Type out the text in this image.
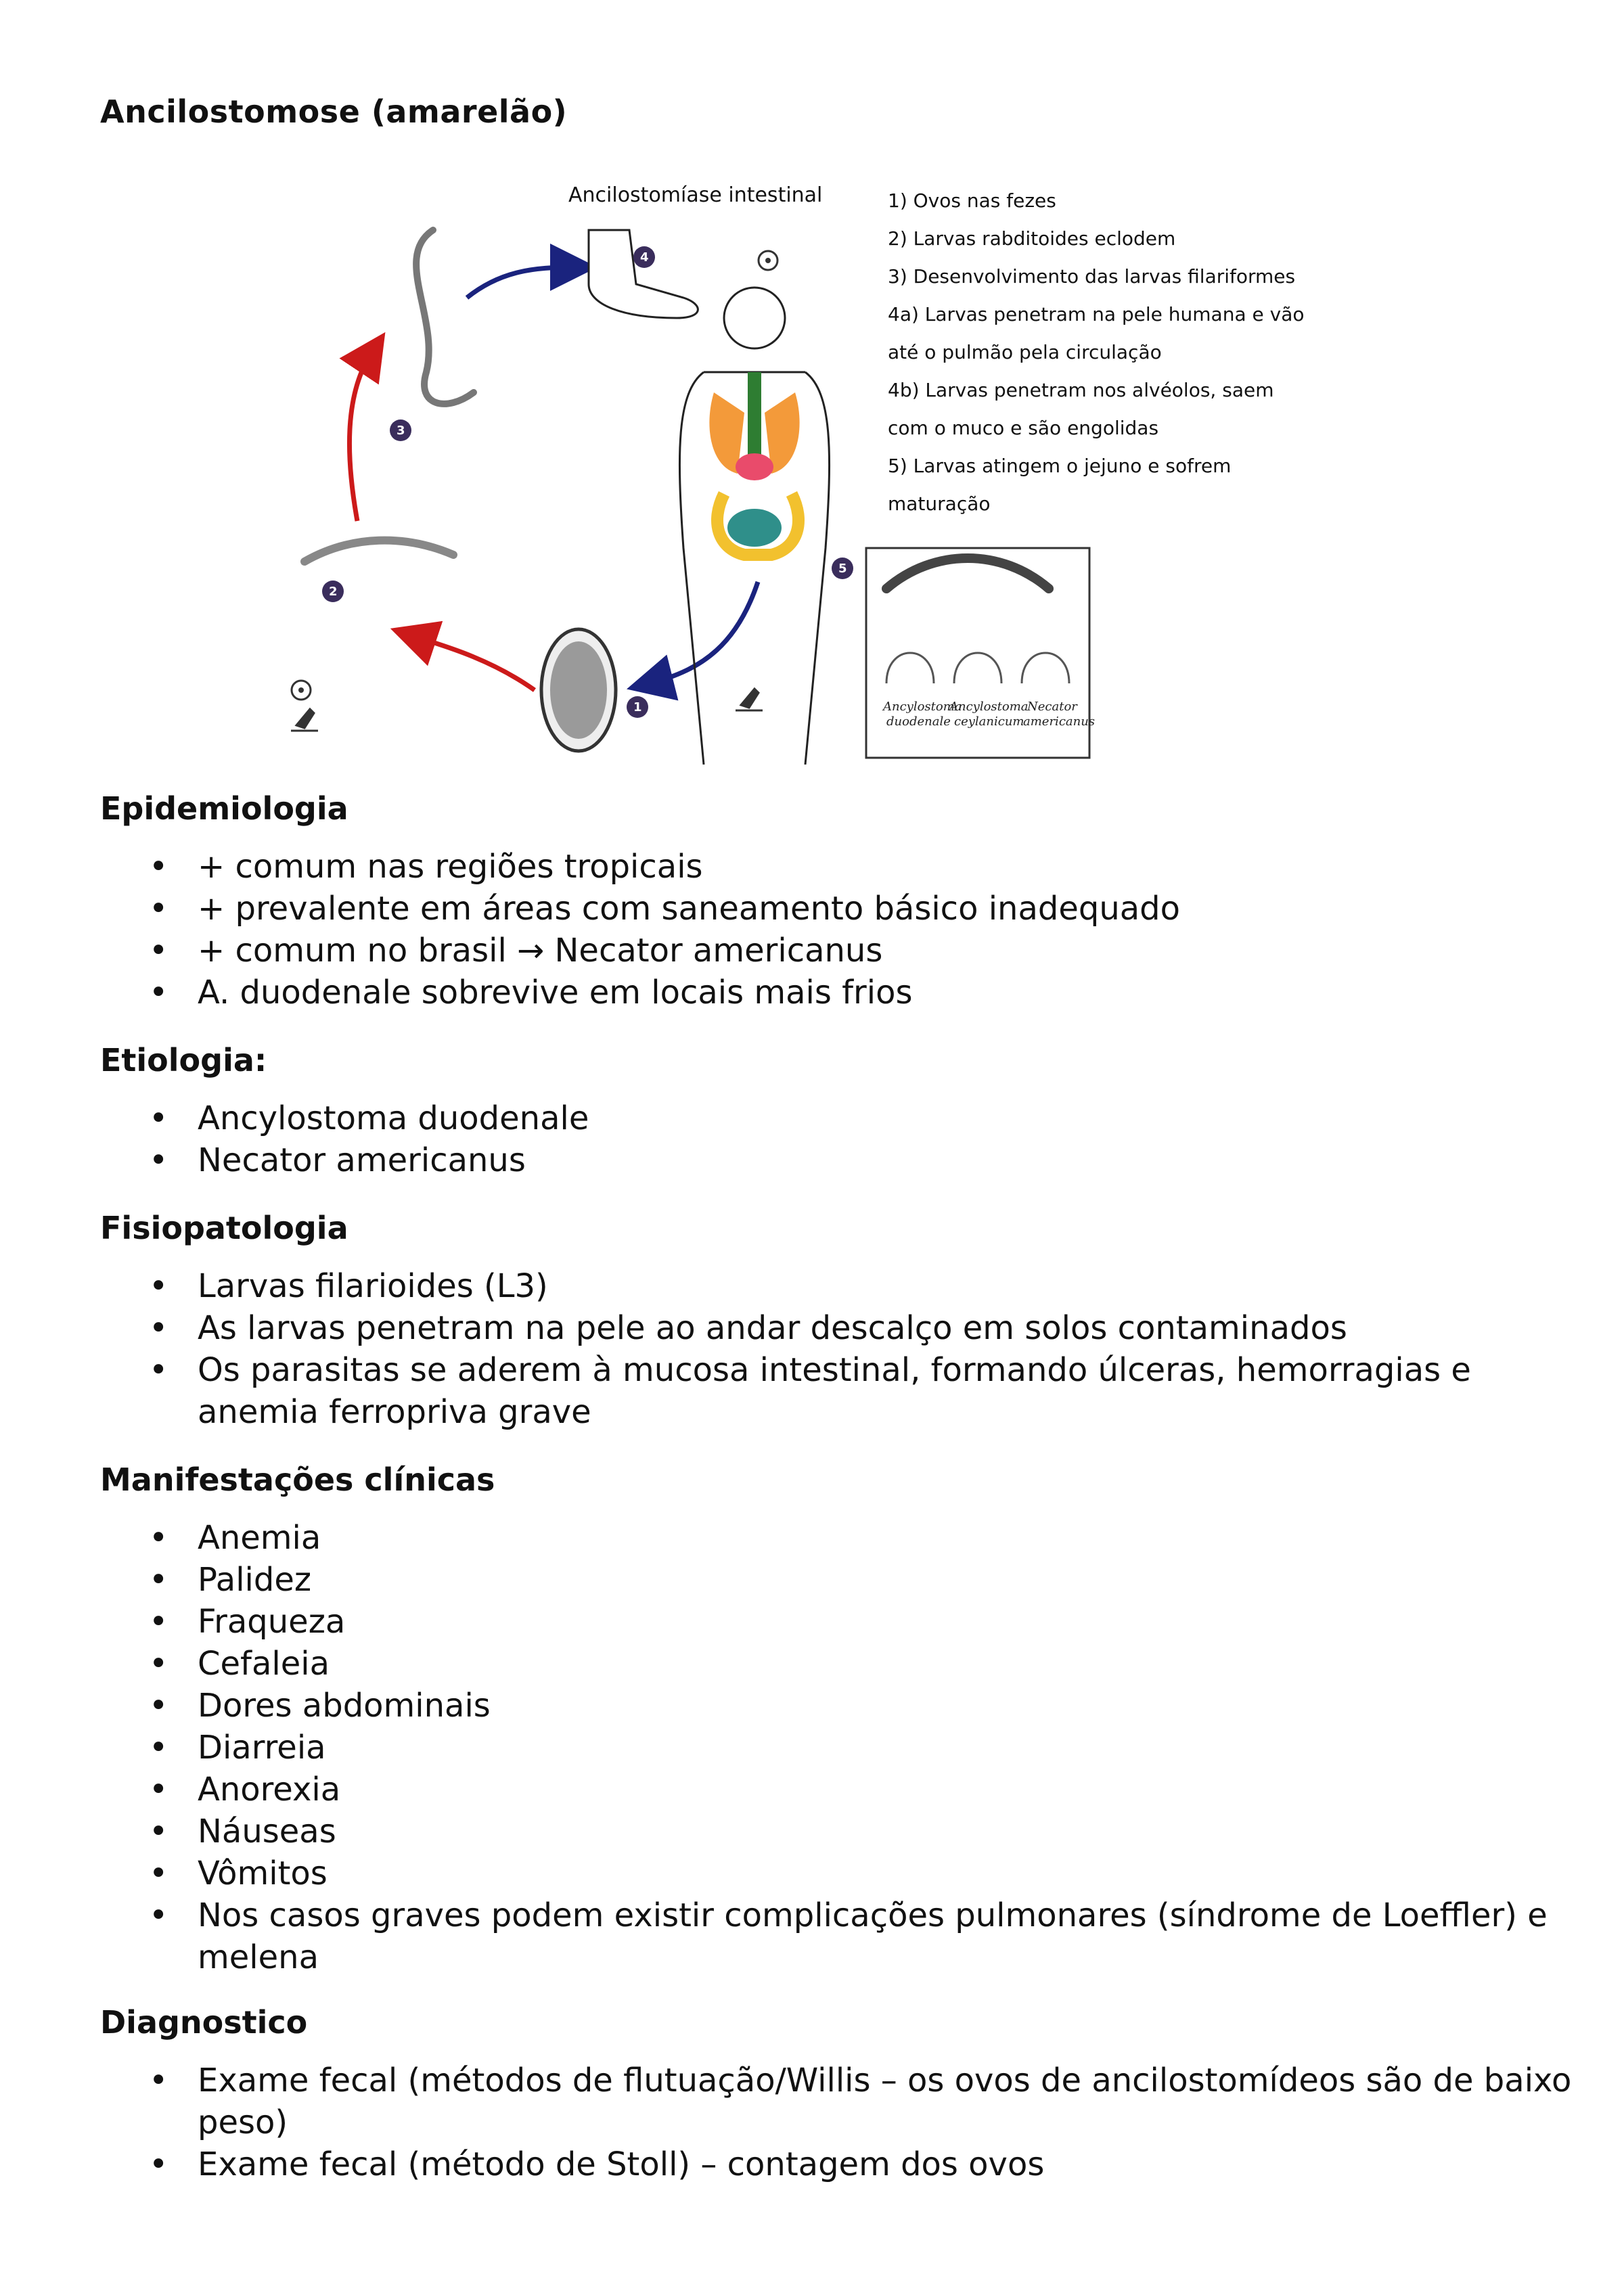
Ancilostomose (amarelão)
Ancilostomíase intestinal	1) Ovos nas fezes
2) Larvas rabditoides eclodem
3) Desenvolvimento das larvas filariformes
4a) Larvas penetram na pele humana e vão
até o pulmão pela circulação
4b) Larvas penetram nos alvéolos, saem
com o muco e são engolidas
5) Larvas atingem o jejuno e sofrem
maturação
Ancylostoma
duodenale
Ancylostoma
ceylanicum
Necator
americanus
1
2
3
4
5
Epidemiologia
• + comum nas regiões tropicais
• + prevalente em áreas com saneamento básico inadequado
• + comum no brasil → Necator americanus
• A. duodenale sobrevive em locais mais frios
Etiologia:
• Ancylostoma duodenale
• Necator americanus
Fisiopatologia
• Larvas filarioides (L3)
• As larvas penetram na pele ao andar descalço em solos contaminados
• Os parasitas se aderem à mucosa intestinal, formando úlceras, hemorragias e anemia ferropriva grave
Manifestações clínicas
• Anemia
• Palidez
• Fraqueza
• Cefaleia
• Dores abdominais
• Diarreia
• Anorexia
• Náuseas
• Vômitos
• Nos casos graves podem existir complicações pulmonares (síndrome de Loeffler) e melena
Diagnostico
• Exame fecal (métodos de flutuação/Willis – os ovos de ancilostomídeos são de baixo peso)
• Exame fecal (método de Stoll) – contagem dos ovos
